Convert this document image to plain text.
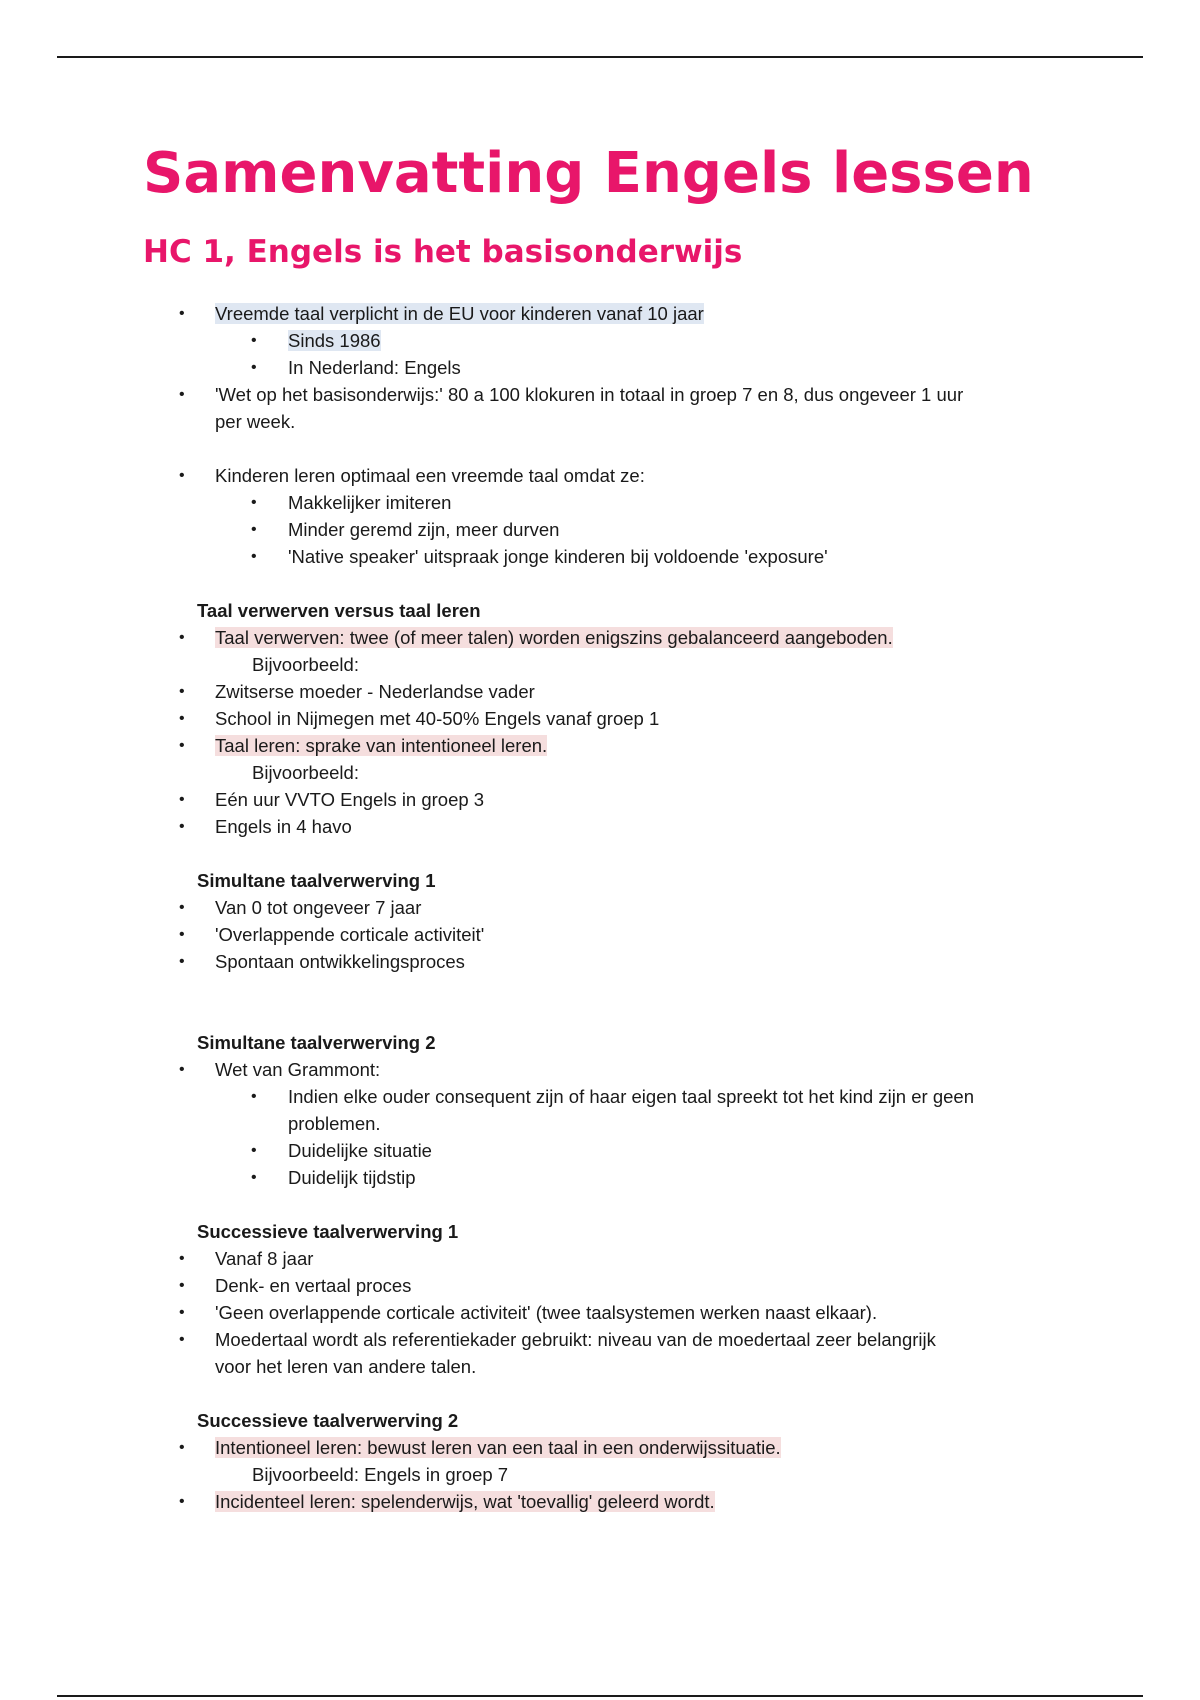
Samenvatting Engels lessen
HC 1, Engels is het basisonderwijs
• Vreemde taal verplicht in de EU voor kinderen vanaf 10 jaar
• Sinds 1986
• In Nederland: Engels
• 'Wet op het basisonderwijs:' 80 a 100 klokuren in totaal in groep 7 en 8, dus ongeveer 1 uur
per week.
• Kinderen leren optimaal een vreemde taal omdat ze:
• Makkelijker imiteren
• Minder geremd zijn, meer durven
• 'Native speaker' uitspraak jonge kinderen bij voldoende 'exposure'
Taal verwerven versus taal leren
• Taal verwerven: twee (of meer talen) worden enigszins gebalanceerd aangeboden.
Bijvoorbeeld:
• Zwitserse moeder - Nederlandse vader
• School in Nijmegen met 40-50% Engels vanaf groep 1
• Taal leren: sprake van intentioneel leren.
Bijvoorbeeld:
• Eén uur VVTO Engels in groep 3
• Engels in 4 havo
Simultane taalverwerving 1
• Van 0 tot ongeveer 7 jaar
• 'Overlappende corticale activiteit'
• Spontaan ontwikkelingsproces
Simultane taalverwerving 2
• Wet van Grammont:
• Indien elke ouder consequent zijn of haar eigen taal spreekt tot het kind zijn er geen
problemen.
• Duidelijke situatie
• Duidelijk tijdstip
Successieve taalverwerving 1
• Vanaf 8 jaar
• Denk- en vertaal proces
• 'Geen overlappende corticale activiteit' (twee taalsystemen werken naast elkaar).
• Moedertaal wordt als referentiekader gebruikt: niveau van de moedertaal zeer belangrijk
voor het leren van andere talen.
Successieve taalverwerving 2
• Intentioneel leren: bewust leren van een taal in een onderwijssituatie.
Bijvoorbeeld: Engels in groep 7
• Incidenteel leren: spelenderwijs, wat 'toevallig' geleerd wordt.
